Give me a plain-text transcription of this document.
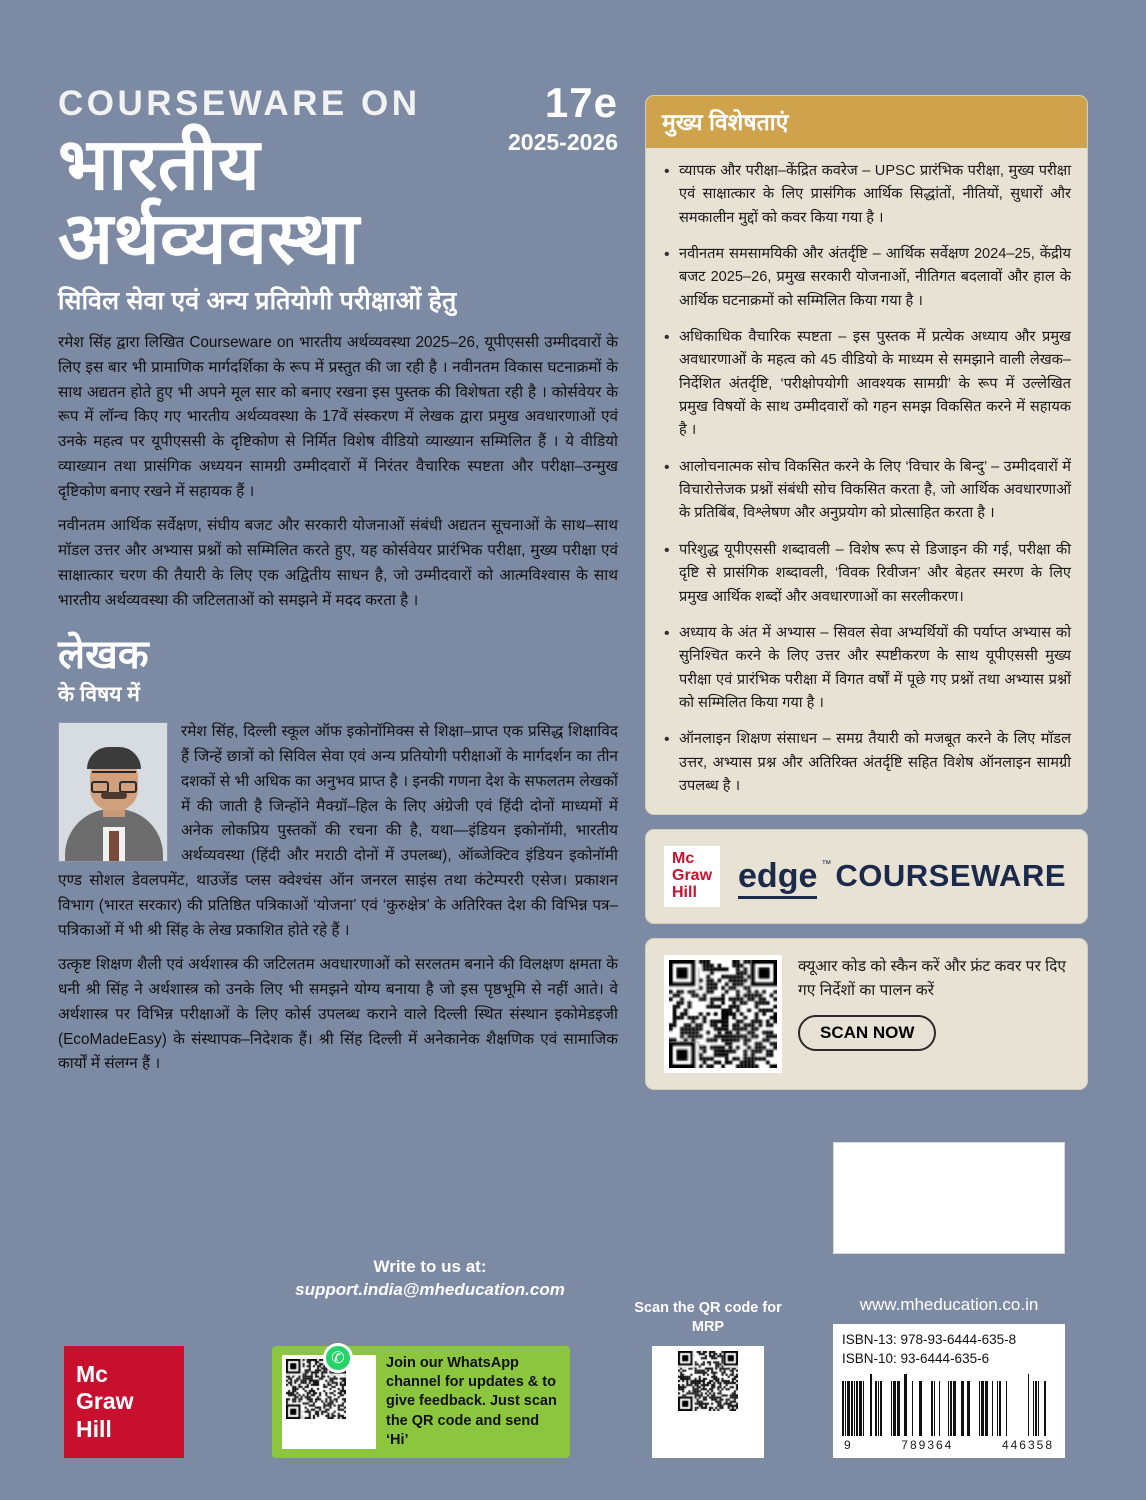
COURSEWARE ON	17e
2025-2026
भारतीय
अर्थव्यवस्था
सिविल सेवा एवं अन्य प्रतियोगी परीक्षाओं हेतु
रमेश सिंह द्वारा लिखित Courseware on भारतीय अर्थव्यवस्था 2025–26, यूपीएससी उम्मीदवारों के लिए इस बार भी प्रामाणिक मार्गदर्शिका के रूप में प्रस्तुत की जा रही है । नवीनतम विकास घटनाक्रमों के साथ अद्यतन होते हुए भी अपने मूल सार को बनाए रखना इस पुस्तक की विशेषता रही है । कोर्सवेयर के रूप में लॉन्च किए गए भारतीय अर्थव्यवस्था के 17वें संस्करण में लेखक द्वारा प्रमुख अवधारणाओं एवं उनके महत्व पर यूपीएससी के दृष्टिकोण से निर्मित विशेष वीडियो व्याख्यान सम्मिलित हैं । ये वीडियो व्याख्यान तथा प्रासंगिक अध्ययन सामग्री उम्मीदवारों में निरंतर वैचारिक स्पष्टता और परीक्षा–उन्मुख दृष्टिकोण बनाए रखने में सहायक हैं ।
नवीनतम आर्थिक सर्वेक्षण, संघीय बजट और सरकारी योजनाओं संबंधी अद्यतन सूचनाओं के साथ–साथ मॉडल उत्तर और अभ्यास प्रश्नों को सम्मिलित करते हुए, यह कोर्सवेयर प्रारंभिक परीक्षा, मुख्य परीक्षा एवं साक्षात्कार चरण की तैयारी के लिए एक अद्वितीय साधन है, जो उम्मीदवारों को आत्मविश्वास के साथ भारतीय अर्थव्यवस्था की जटिलताओं को समझने में मदद करता है ।
लेखक
के विषय में
रमेश सिंह, दिल्ली स्कूल ऑफ इकोनॉमिक्स से शिक्षा–प्राप्त एक प्रसिद्ध शिक्षाविद हैं जिन्हें छात्रों को सिविल सेवा एवं अन्य प्रतियोगी परीक्षाओं के मार्गदर्शन का तीन दशकों से भी अधिक का अनुभव प्राप्त है । इनकी गणना देश के सफलतम लेखकों में की जाती है जिन्होंने मैक्ग्रॉ–हिल के लिए अंग्रेजी एवं हिंदी दोनों माध्यमों में अनेक लोकप्रिय पुस्तकों की रचना की है, यथा—इंडियन इकोनॉमी, भारतीय अर्थव्यवस्था (हिंदी और मराठी दोनों में उपलब्ध), ऑब्जेक्टिव इंडियन इकोनॉमी एण्ड सोशल डेवलपमेंट, थाउजेंड प्लस क्वेश्चंस ऑन जनरल साइंस तथा कंटेम्पररी एसेज। प्रकाशन विभाग (भारत सरकार) की प्रतिष्ठित पत्रिकाओं ‘योजना’ एवं ‘कुरुक्षेत्र’ के अतिरिक्त देश की विभिन्न पत्र–पत्रिकाओं में भी श्री सिंह के लेख प्रकाशित होते रहे हैं ।
उत्कृष्ट शिक्षण शैली एवं अर्थशास्त्र की जटिलतम अवधारणाओं को सरलतम बनाने की विलक्षण क्षमता के धनी श्री सिंह ने अर्थशास्त्र को उनके लिए भी समझने योग्य बनाया है जो इस पृष्ठभूमि से नहीं आते। वे अर्थशास्त्र पर विभिन्न परीक्षाओं के लिए कोर्स उपलब्ध कराने वाले दिल्ली स्थित संस्थान इकोमेडइजी (EcoMadeEasy) के संस्थापक–निदेशक हैं। श्री सिंह दिल्ली में अनेकानेक शैक्षणिक एवं सामाजिक कार्यों में संलग्न हैं ।
मुख्य विशेषताएं
• व्यापक और परीक्षा–केंद्रित कवरेज – UPSC प्रारंभिक परीक्षा, मुख्य परीक्षा एवं साक्षात्कार के लिए प्रासंगिक आर्थिक सिद्धांतों, नीतियों, सुधारों और समकालीन मुद्दों को कवर किया गया है ।
• नवीनतम समसामयिकी और अंतर्दृष्टि – आर्थिक सर्वेक्षण 2024–25, केंद्रीय बजट 2025–26, प्रमुख सरकारी योजनाओं, नीतिगत बदलावों और हाल के आर्थिक घटनाक्रमों को सम्मिलित किया गया है ।
• अधिकाधिक वैचारिक स्पष्टता – इस पुस्तक में प्रत्येक अध्याय और प्रमुख अवधारणाओं के महत्व को 45 वीडियो के माध्यम से समझाने वाली लेखक–निर्देशित अंतर्दृष्टि, ‘परीक्षोपयोगी आवश्यक सामग्री’ के रूप में उल्लेखित प्रमुख विषयों के साथ उम्मीदवारों को गहन समझ विकसित करने में सहायक है ।
• आलोचनात्मक सोच विकसित करने के लिए ‘विचार के बिन्दु’ – उम्मीदवारों में विचारोत्तेजक प्रश्नों संबंधी सोच विकसित करता है, जो आर्थिक अवधारणाओं के प्रतिबिंब, विश्लेषण और अनुप्रयोग को प्रोत्साहित करता है ।
• परिशुद्ध यूपीएससी शब्दावली – विशेष रूप से डिजाइन की गई, परीक्षा की दृष्टि से प्रासंगिक शब्दावली, ‘विवक रिवीजन’ और बेहतर स्मरण के लिए प्रमुख आर्थिक शब्दों और अवधारणाओं का सरलीकरण।
• अध्याय के अंत में अभ्यास – सिवल सेवा अभ्यर्थियों की पर्याप्त अभ्यास को सुनिश्चित करने के लिए उत्तर और स्पष्टीकरण के साथ यूपीएससी मुख्य परीक्षा एवं प्रारंभिक परीक्षा में विगत वर्षों में पूछे गए प्रश्नों तथा अभ्यास प्रश्नों को सम्मिलित किया गया है ।
• ऑनलाइन शिक्षण संसाधन – समग्र तैयारी को मजबूत करने के लिए मॉडल उत्तर, अभ्यास प्रश्न और अतिरिक्त अंतर्दृष्टि सहित विशेष ऑनलाइन सामग्री उपलब्ध है ।
Mc
Graw
Hill	edge ™ COURSEWARE
क्यूआर कोड को स्कैन करें और फ्रंट कवर पर दिए गए निर्देशों का पालन करें
SCAN NOW
Mc
Graw
Hill
Write to us at:
support.india@mheducation.com
✆	Join our WhatsApp channel for updates & to give feedback. Just scan the QR code and send ‘Hi’
Scan the QR code for MRP
www.mheducation.co.in
ISBN-13: 978-93-6444-635-8
ISBN-10: 93-6444-635-6
9	789364	446358
